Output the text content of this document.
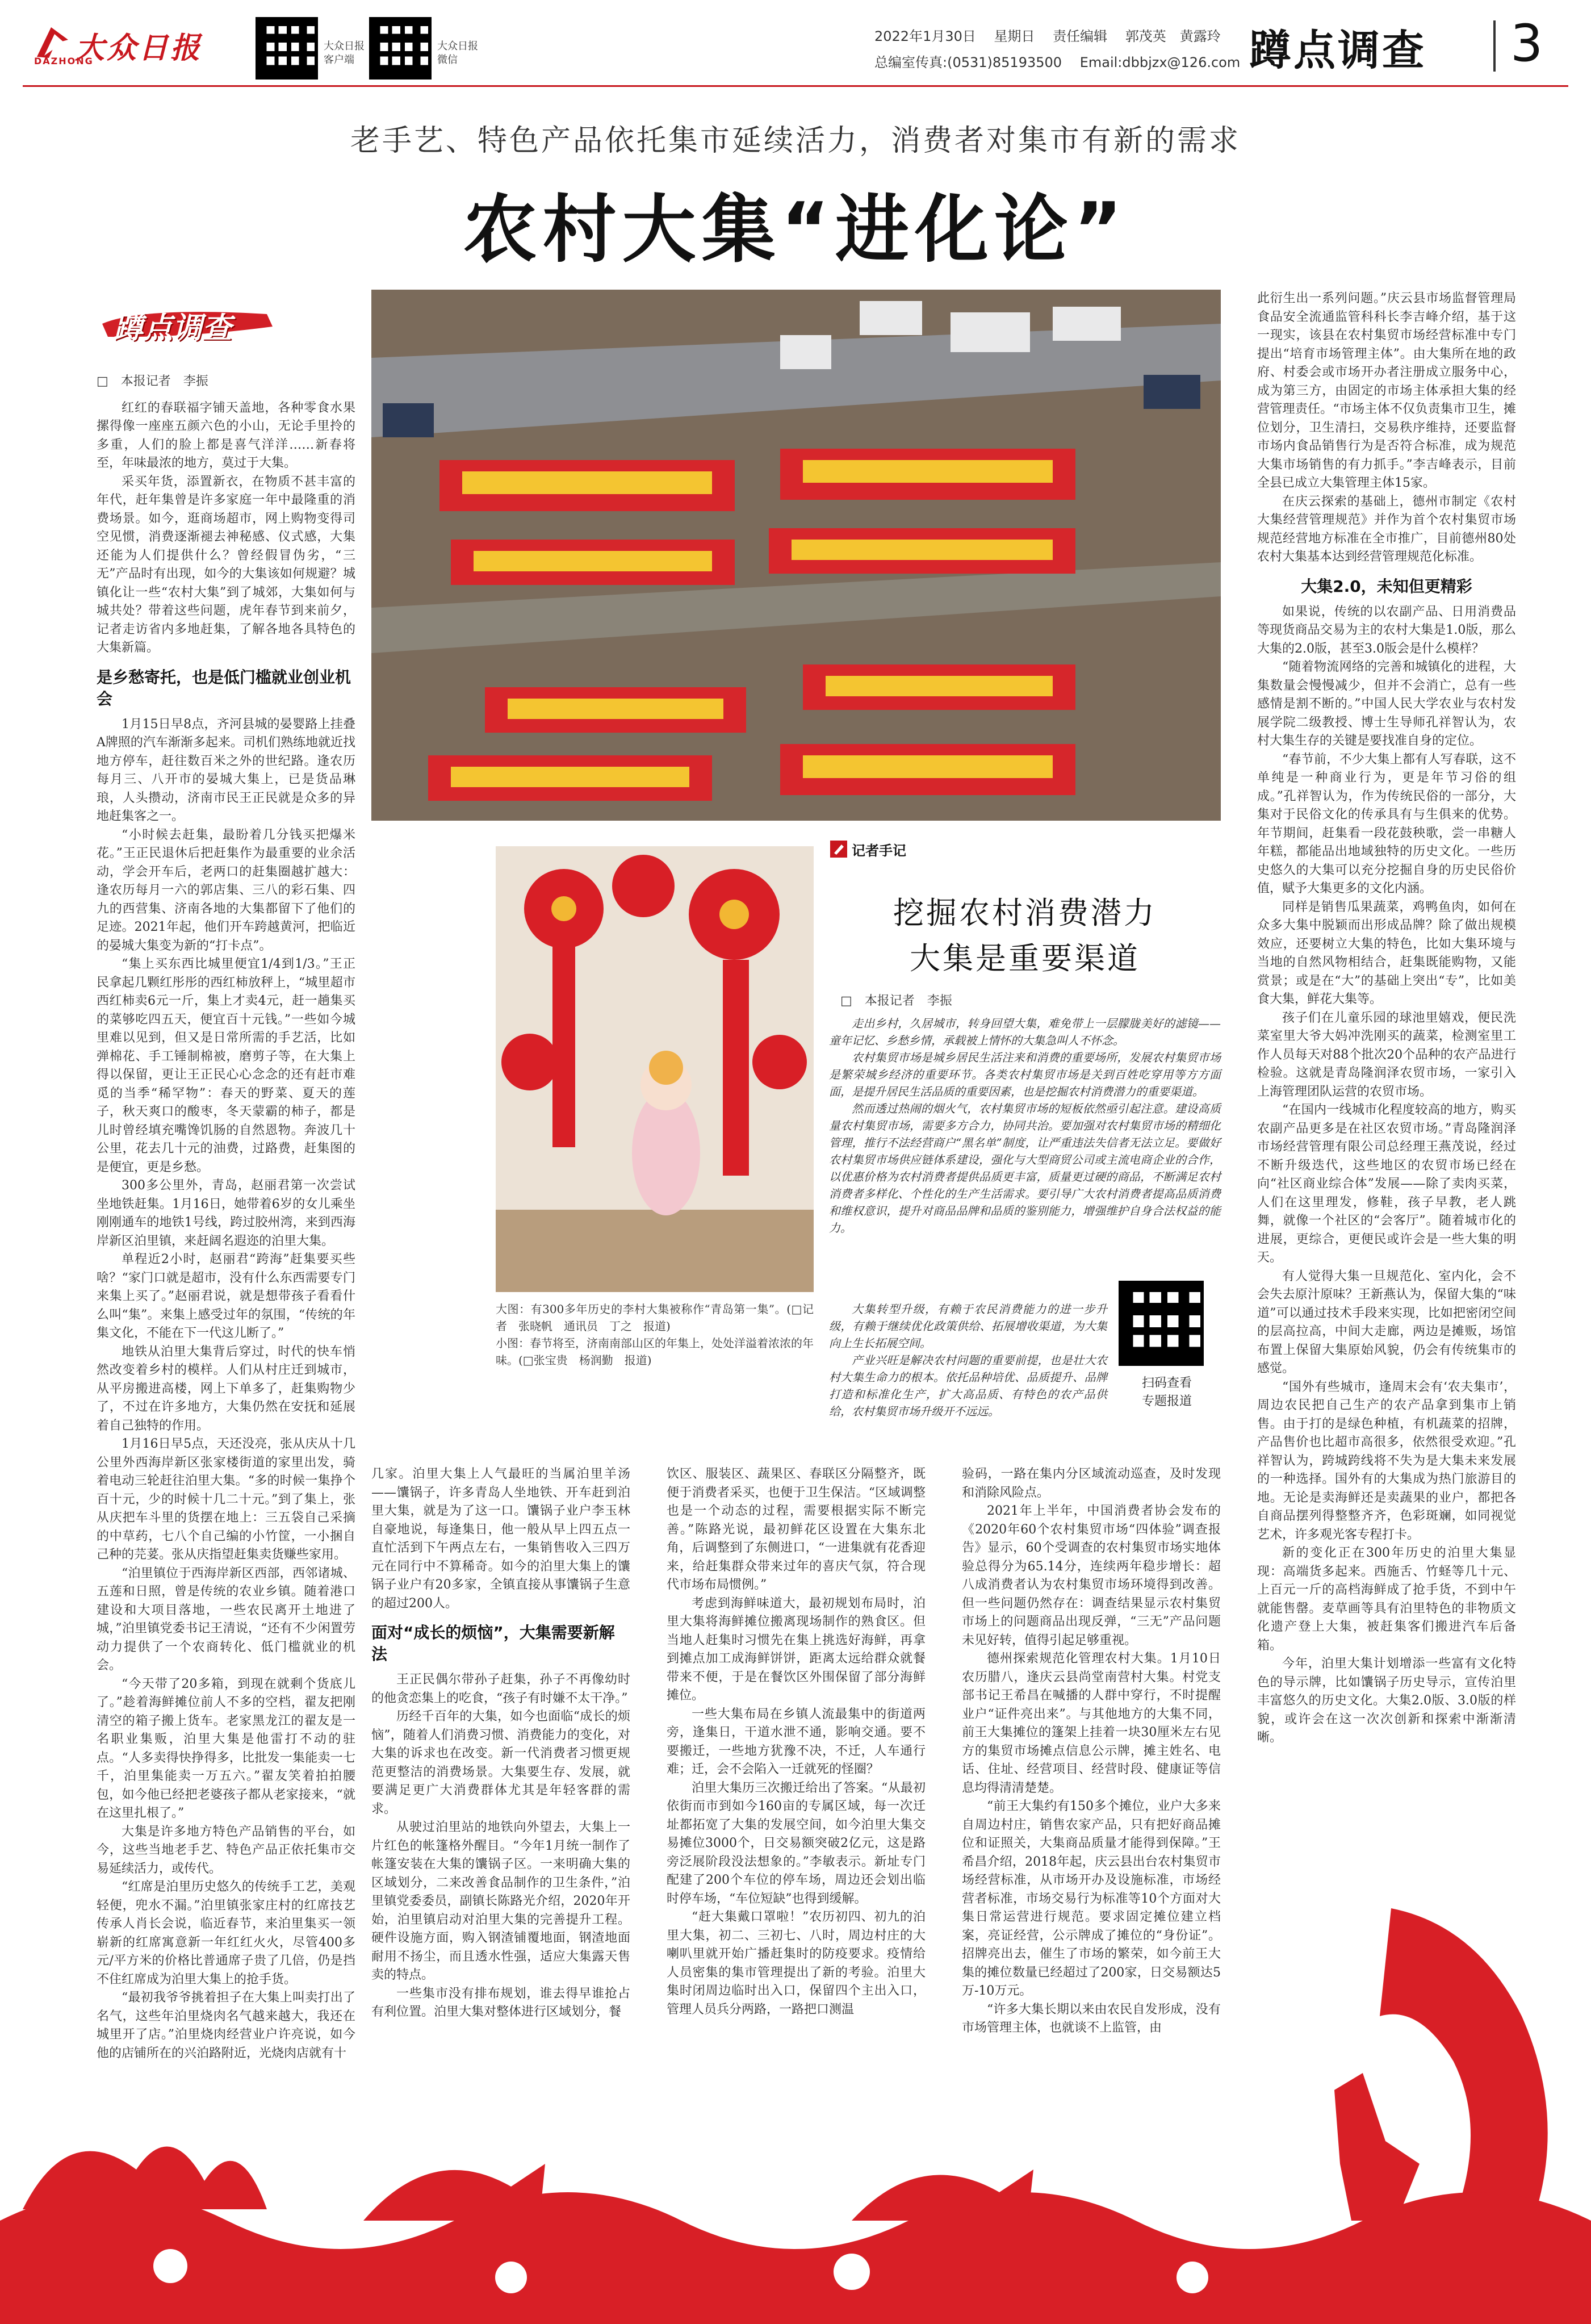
大众日报
DAZHONG
大众日报
客户端
大众日报
微信
2022年1月30日　 星期日　 责任编辑　 郭茂英　黄露玲
总编室传真:(0531)85193500　 Email:dbbjzx@126.com 蹲点调查 3
老手艺、特色产品依托集市延续活力，消费者对集市有新的需求
农村大集“进化论”
蹲点调查
□　本报记者　李振

红红的春联福字铺天盖地，各种零食水果摞得像一座座五颜六色的小山，无论手里拎的多重，人们的脸上都是喜气洋洋……新春将至，年味最浓的地方，莫过于大集。

采买年货，添置新衣，在物质不甚丰富的年代，赶年集曾是许多家庭一年中最隆重的消费场景。如今，逛商场超市，网上购物变得司空见惯，消费逐渐褪去神秘感、仪式感，大集还能为人们提供什么？曾经假冒伪劣，“三无”产品时有出现，如今的大集该如何规避？城镇化让一些“农村大集”到了城郊，大集如何与城共处？带着这些问题，虎年春节到来前夕，记者走访省内多地赶集，了解各地各具特色的大集新篇。

是乡愁寄托，也是低门槛就业创业机会

1月15日早8点，齐河县城的晏婴路上挂叠A牌照的汽车渐渐多起来。司机们熟练地就近找地方停车，赶往数百米之外的世纪路。逢农历每月三、八开市的晏城大集上，已是货品琳琅，人头攒动，济南市民王正民就是众多的异地赶集客之一。

“小时候去赶集，最盼着几分钱买把爆米花。”王正民退休后把赶集作为最重要的业余活动，学会开车后，老两口的赶集圈越扩越大：逢农历每月一六的郭店集、三八的彩石集、四九的西营集、济南各地的大集都留下了他们的足迹。2021年起，他们开车跨越黄河，把临近的晏城大集变为新的“打卡点”。

“集上买东西比城里便宜1/4到1/3。”王正民拿起几颗红彤彤的西红柿放秤上，“城里超市西红柿卖6元一斤，集上才卖4元，赶一趟集买的菜够吃四五天，便宜百十元钱。”一些如今城里难以见到，但又是日常所需的手艺活，比如弹棉花、手工锤制棉被，磨剪子等，在大集上得以保留，更让王正民心心念念的还有赶市难觅的当季“稀罕物”：春天的野菜、夏天的莲子，秋天爽口的酸枣，冬天蒙霸的柿子，都是儿时曾经填充嘴馋饥肠的自然恩物。奔波几十公里，花去几十元的油费，过路费，赶集图的是便宜，更是乡愁。

300多公里外，青岛，赵丽君第一次尝试坐地铁赶集。1月16日，她带着6岁的女儿乘坐刚刚通车的地铁1号线，跨过胶州湾，来到西海岸新区泊里镇，来赶阔名遐迩的泊里大集。

单程近2小时，赵丽君“跨海”赶集要买些啥？“家门口就是超市，没有什么东西需要专门来集上买了。”赵丽君说，就是想带孩子看看什么叫“集”。来集上感受过年的氛围，“传统的年集文化，不能在下一代这儿断了。”

地铁从泊里大集背后穿过，时代的快车悄然改变着乡村的模样。人们从村庄迁到城市，从平房搬进高楼，网上下单多了，赶集购物少了，不过在许多地方，大集仍然在安抚和延展着自己独特的作用。

1月16日早5点，天还没亮，张从庆从十几公里外西海岸新区张家楼街道的家里出发，骑着电动三轮赶往泊里大集。“多的时候一集挣个百十元，少的时候十几二十元。”到了集上，张从庆把车斗里的货摆在地上：三五袋自己采摘的中草药，七八个自己编的小竹筐，一小捆自己种的芫荽。张从庆指望赶集卖货赚些家用。

“泊里镇位于西海岸新区西部，西邻诸城、五莲和日照，曾是传统的农业乡镇。随着港口建设和大项目落地，一些农民离开土地进了城，”泊里镇党委书记王清说，“还有不少闲置劳动力提供了一个农商转化、低门槛就业的机会。

“今天带了20多箱，到现在就剩个货底儿了。”趁着海鲜摊位前人不多的空档，翟友把刚清空的箱子搬上货车。老家黑龙江的翟友是一名职业集贩，泊里大集是他雷打不动的驻点。“人多卖得快挣得多，比批发一集能卖一七千，泊里集能卖一万五六。”翟友笑着拍拍腰包，如今他已经把老婆孩子都从老家接来，“就在这里扎根了。”

大集是许多地方特色产品销售的平台，如今，这些当地老手艺、特色产品正依托集市交易延续活力，或传代。

“红席是泊里历史悠久的传统手工艺，美观轻便，兜水不漏。”泊里镇张家庄村的红席技艺传承人肖长会说，临近春节，来泊里集买一领崭新的红席寓意新一年红红火火，尽管400多元/平方米的价格比普通席子贵了几倍，仍是挡不住红席成为泊里大集上的抢手货。

“最初我爷爷挑着担子在大集上叫卖打出了名气，这些年泊里烧肉名气越来越大，我还在城里开了店。”泊里烧肉经营业户许亮说，如今他的店铺所在的兴泊路附近，光烧肉店就有十

大图：有300多年历史的李村大集被称作“青岛第一集”。(□记者　张晓帆　通讯员　丁之　报道)

小图：春节将至，济南南部山区的年集上，处处洋溢着浓浓的年味。(□张宝贵　杨润勤　报道)

记者手记
挖掘农村消费潜力
大集是重要渠道
□　本报记者　李振

走出乡村，久居城市，转身回望大集，难免带上一层朦胧美好的滤镜——童年记忆、乡愁乡情，承载被上情怀的大集急叫人不怀念。

农村集贸市场是城乡居民生活注来和消费的重要场所，发展农村集贸市场是繁荣城乡经济的重要环节。各类农村集贸市场是关到百姓吃穿用等方方面面，是提升居民生活品质的重要因素，也是挖掘农村消费潜力的重要渠道。

然而透过热闹的烟火气，农村集贸市场的短板依然亟引起注意。建设高质量农村集贸市场，需要多方合力，协同共治。要加强对农村集贸市场的精细化管理，推行不法经营商户“黑名单”制度，让严重违法失信者无法立足。要做好农村集贸市场供应链体系建设，强化与大型商贸公司或主流电商企业的合作，以优惠价格为农村消费者提供品质更丰富，质量更过硬的商品，不断满足农村消费者多样化、个性化的生产生活需求。要引导广大农村消费者提高品质消费和维权意识，提升对商品品牌和品质的鉴别能力，增强维护自身合法权益的能力。

大集转型升级，有赖于农民消费能力的进一步升级，有赖于继续优化政策供给、拓展增收渠道，为大集向上生长拓展空间。

产业兴旺是解决农村问题的重要前提，也是壮大农村大集生命力的根本。依托品种培优、品质提升、品牌打造和标准化生产，扩大高品质、有特色的农产品供给，农村集贸市场升级开不远远。

扫码查看
专题报道

几家。泊里大集上人气最旺的当属泊里羊汤——馕锅子，许多青岛人坐地铁、开车赶到泊里大集，就是为了这一口。馕锅子业户李玉林自豪地说，每逢集日，他一般从早上四五点一直忙活到下午两点左右，一集销售收入三四万元在同行中不算稀奇。如今的泊里大集上的馕锅子业户有20多家，全镇直接从事馕锅子生意的超过200人。

面对“成长的烦恼”，大集需要新解法

王正民偶尔带孙子赶集，孙子不再像幼时的他贪恋集上的吃食，“孩子有时嫌不太干净。”

历经千百年的大集，如今也面临“成长的烦恼”，随着人们消费习惯、消费能力的变化，对大集的诉求也在改变。新一代消费者习惯更规范更整洁的消费场景。大集要生存、发展，就要满足更广大消费群体尤其是年轻客群的需求。

从驶过泊里站的地铁向外望去，大集上一片红色的帐篷格外醒目。“今年1月统一制作了帐篷安装在大集的馕锅子区。一来明确大集的区域划分，二来改善食品制作的卫生条件，”泊里镇党委委员，副镇长陈路光介绍，2020年开始，泊里镇启动对泊里大集的完善提升工程。硬件设施方面，购入钢渣铺覆地面，钢渣地面耐用不扬尘，而且透水性强，适应大集露天售卖的特点。

一些集市没有排布规划，谁去得早谁抢占有利位置。泊里大集对整体进行区域划分，餐

饮区、服装区、蔬果区、春联区分隔整齐，既便于消费者采买，也便于卫生保洁。“区域调整也是一个动态的过程，需要根据实际不断完善。”陈路光说，最初鲜花区设置在大集东北角，后调整到了东侧进口，“一进集就有花香迎来，给赶集群众带来过年的喜庆气氛，符合现代市场布局惯例。”

考虑到海鲜味道大，最初规划布局时，泊里大集将海鲜摊位搬离现场制作的熟食区。但当地人赶集时习惯先在集上挑选好海鲜，再拿到摊点加工成海鲜饼饼，距离太远给群众就餐带来不便，于是在餐饮区外围保留了部分海鲜摊位。

一些大集布局在乡镇人流最集中的街道两旁，逢集日，干道水泄不通，影响交通。要不要搬迁，一些地方犹豫不决，不迁，人车通行难；迁，会不会陷入一迁就死的怪圈？

泊里大集历三次搬迁给出了答案。“从最初依街而市到如今160亩的专属区域，每一次迁址都拓宽了大集的发展空间，如今泊里大集交易摊位3000个，日交易额突破2亿元，这是路旁泛展阶段没法想象的。”李敏表示。新址专门配建了200个车位的停车场，周边还会划出临时停车场，“车位短缺”也得到缓解。

“赶大集戴口罩啦！”农历初四、初九的泊里大集，初二、三初七、八时，周边村庄的大喇叭里就开始广播赶集时的防疫要求。疫情给人员密集的集市管理提出了新的考验。泊里大集时闭周边临时出入口，保留四个主出入口，管理人员兵分两路，一路把口测温

验码，一路在集内分区域流动巡查，及时发现和消除风险点。

2021年上半年，中国消费者协会发布的《2020年60个农村集贸市场“四体验”调查报告》显示，60个受调查的农村集贸市场实地体验总得分为65.14分，连续两年稳步增长：超八成消费者认为农村集贸市场环境得到改善。但一些问题仍然存在：调查结果显示农村集贸市场上的问题商品出现反弹，“三无”产品问题未见好转，值得引起足够重视。

德州探索规范化管理农村大集。1月10日农历腊八，逢庆云县尚堂南营村大集。村党支部书记王希昌在喊播的人群中穿行，不时提醒业户“证件亮出来”。与其他地方的大集不同，前王大集摊位的篷架上挂着一块30厘米左右见方的集贸市场摊点信息公示牌，摊主姓名、电话、住址、经营项目、经营时段、健康证等信息均得清清楚楚。

“前王大集约有150多个摊位，业户大多来自周边村庄，销售农家产品，只有把好商品摊位和证照关，大集商品质量才能得到保障。”王希昌介绍，2018年起，庆云县出台农村集贸市场经营标准，从市场开办及设施标准，市场经营者标准，市场交易行为标准等10个方面对大集日常运营进行规范。要求固定摊位建立档案，亮证经营，公示牌成了摊位的“身份证”。招牌亮出去，催生了市场的繁荣，如今前王大集的摊位数量已经超过了200家，日交易额达5万-10万元。

“许多大集长期以来由农民自发形成，没有市场管理主体，也就谈不上监管，由

此衍生出一系列问题。”庆云县市场监督管理局食品安全流通监管科科长李吉峰介绍，基于这一现实，该县在农村集贸市场经营标准中专门提出“培育市场管理主体”。由大集所在地的政府、村委会或市场开办者注册成立服务中心，成为第三方，由固定的市场主体承担大集的经营管理责任。“市场主体不仅负责集市卫生，摊位划分，卫生清扫，交易秩序维持，还要监督市场内食品销售行为是否符合标准，成为规范大集市场销售的有力抓手。”李吉峰表示，目前全县已成立大集管理主体15家。

在庆云探索的基础上，德州市制定《农村大集经营管理规范》并作为首个农村集贸市场规范经营地方标准在全市推广，目前德州80处农村大集基本达到经营管理规范化标准。

大集2.0，未知但更精彩

如果说，传统的以农副产品、日用消费品等现货商品交易为主的农村大集是1.0版，那么大集的2.0版，甚至3.0版会是什么模样？

“随着物流网络的完善和城镇化的进程，大集数量会慢慢减少，但并不会消亡，总有一些感情是割不断的。”中国人民大学农业与农村发展学院二级教授、博士生导师孔祥智认为，农村大集生存的关键是要找准自身的定位。

“春节前，不少大集上都有人写春联，这不单纯是一种商业行为，更是年节习俗的组成。”孔祥智认为，作为传统民俗的一部分，大集对于民俗文化的传承具有与生俱来的优势。年节期间，赶集看一段花鼓秧歌，尝一串糖人年糕，都能品出地域独特的历史文化。一些历史悠久的大集可以充分挖掘自身的历史民俗价值，赋予大集更多的文化内涵。

同样是销售瓜果蔬菜，鸡鸭鱼肉，如何在众多大集中脱颖而出形成品牌？除了做出规模效应，还要树立大集的特色，比如大集环境与当地的自然风物相结合，赶集既能购物，又能赏景；或是在“大”的基础上突出“专”，比如美食大集，鲜花大集等。

孩子们在儿童乐园的球池里嬉戏，便民洗菜室里大爷大妈冲洗刚买的蔬菜，检测室里工作人员每天对88个批次20个品种的农产品进行检验。这就是青岛隆润泽农贸市场，一家引入上海管理团队运营的农贸市场。

“在国内一线城市化程度较高的地方，购买农副产品更多是在社区农贸市场。”青岛隆润泽市场经营管理有限公司总经理王燕茂说，经过不断升级迭代，这些地区的农贸市场已经在向“社区商业综合体”发展——除了卖肉买菜，人们在这里理发，修鞋，孩子早教，老人跳舞，就像一个社区的“会客厅”。随着城市化的进展，更综合，更便民或许会是一些大集的明天。

有人觉得大集一旦规范化、室内化，会不会失去原汁原味？王新燕认为，保留大集的“味道”可以通过技术手段来实现，比如把密闭空间的层高拉高，中间大走廊，两边是摊贩，场馆布置上保留大集原始风貌，仍会有传统集市的感觉。

“国外有些城市，逢周末会有‘农夫集市’，周边农民把自己生产的农产品拿到集市上销售。由于打的是绿色种植，有机蔬菜的招牌，产品售价也比超市高很多，依然很受欢迎。”孔祥智认为，跨城跨线将不失为是大集未来发展的一种选择。国外有的大集成为热门旅游目的地。无论是卖海鲜还是卖蔬果的业户，都把各自商品摆列得整整齐齐，色彩斑斓，如同视觉艺术，许多观光客专程打卡。

新的变化正在300年历史的泊里大集显现：高端货多起来。西施舌、竹蛏等几十元、上百元一斤的高档海鲜成了抢手货，不到中午就能售罄。麦草画等具有泊里特色的非物质文化遗产登上大集，被赶集客们搬进汽车后备箱。

今年，泊里大集计划增添一些富有文化特色的导示牌，比如馕锅子历史导示，宣传泊里丰富悠久的历史文化。大集2.0版、3.0版的样貌，或许会在这一次次创新和探索中渐渐清晰。
